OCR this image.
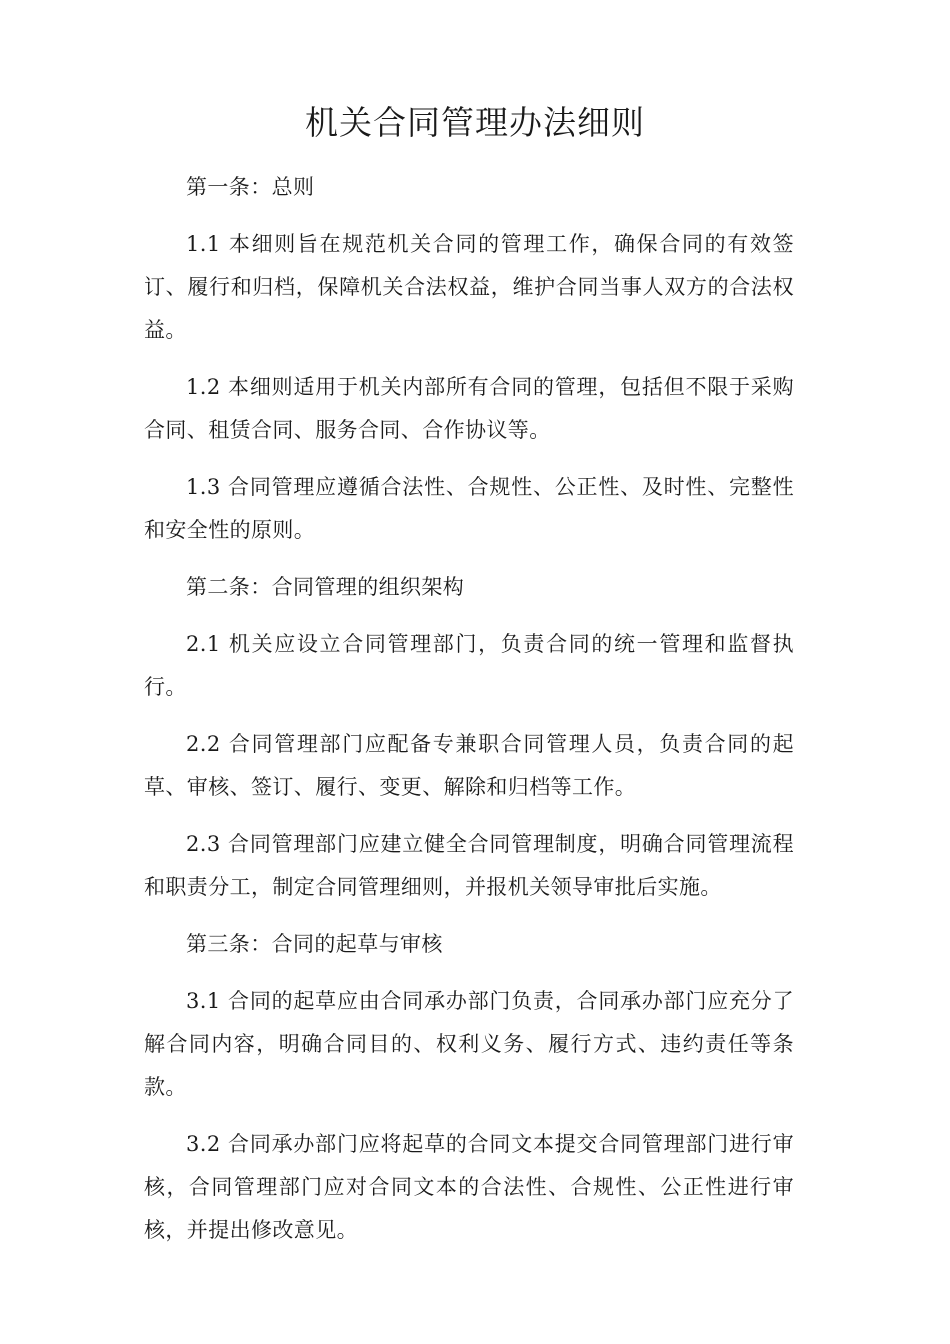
机关合同管理办法细则

第一条：总则

1.1 本细则旨在规范机关合同的管理工作，确保合同的有效签订、履行和归档，保障机关合法权益，维护合同当事人双方的合法权益。

1.2 本细则适用于机关内部所有合同的管理，包括但不限于采购合同、租赁合同、服务合同、合作协议等。

1.3 合同管理应遵循合法性、合规性、公正性、及时性、完整性和安全性的原则。

第二条：合同管理的组织架构

2.1 机关应设立合同管理部门，负责合同的统一管理和监督执行。

2.2 合同管理部门应配备专兼职合同管理人员，负责合同的起草、审核、签订、履行、变更、解除和归档等工作。

2.3 合同管理部门应建立健全合同管理制度，明确合同管理流程和职责分工，制定合同管理细则，并报机关领导审批后实施。

第三条：合同的起草与审核

3.1 合同的起草应由合同承办部门负责，合同承办部门应充分了解合同内容，明确合同目的、权利义务、履行方式、违约责任等条款。

3.2 合同承办部门应将起草的合同文本提交合同管理部门进行审核，合同管理部门应对合同文本的合法性、合规性、公正性进行审核，并提出修改意见。
